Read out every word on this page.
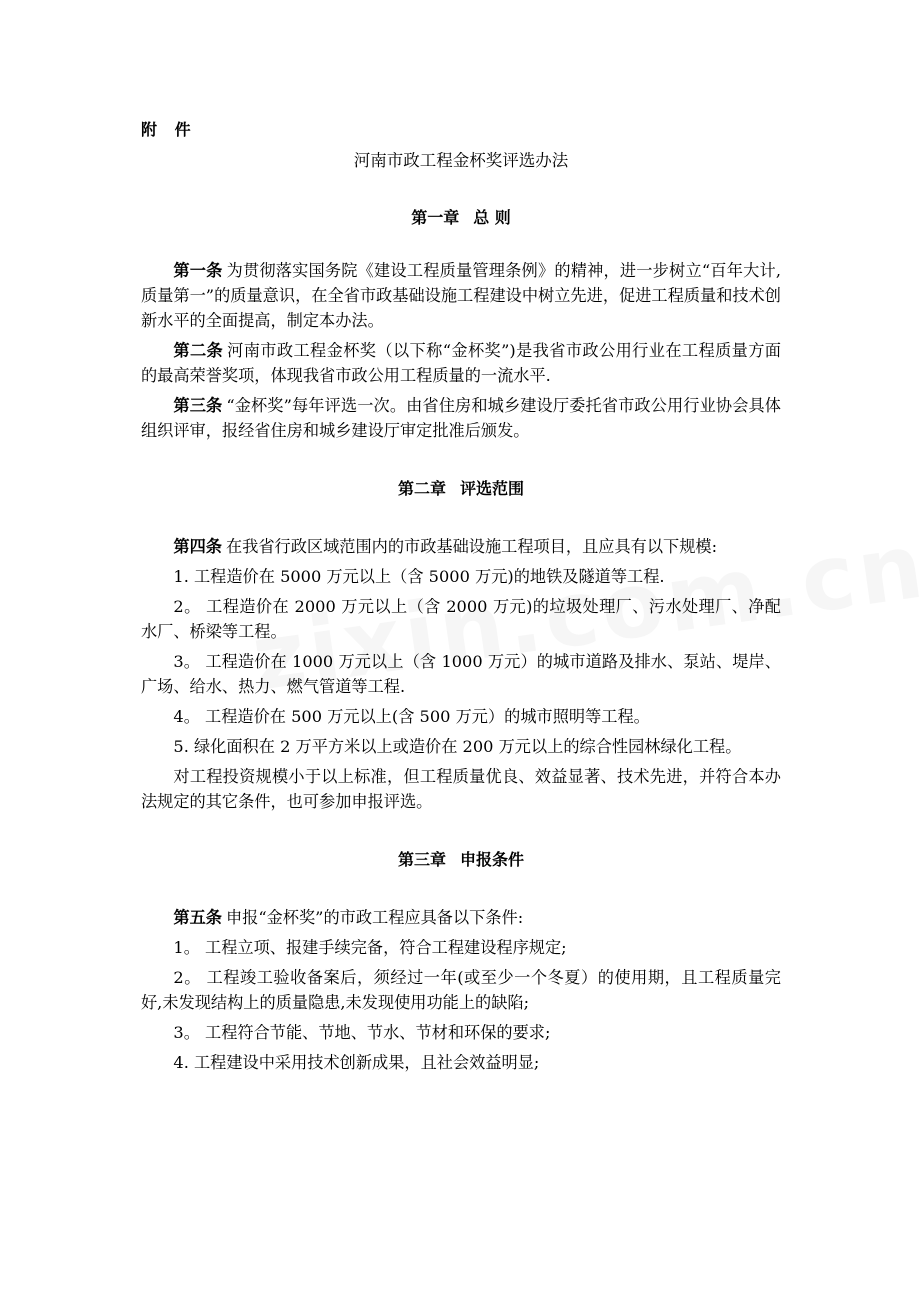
附 件
河南市政工程金杯奖评选办法
第一章 总 则

第一条 为贯彻落实国务院《建设工程质量管理条例》的精神，进一步树立“百年大计,质量第一”的质量意识，在全省市政基础设施工程建设中树立先进，促进工程质量和技术创新水平的全面提高，制定本办法。

第二条 河南市政工程金杯奖（以下称“金杯奖”)是我省市政公用行业在工程质量方面的最高荣誉奖项，体现我省市政公用工程质量的一流水平.

第三条 “金杯奖”每年评选一次。由省住房和城乡建设厅委托省市政公用行业协会具体组织评审，报经省住房和城乡建设厅审定批准后颁发。

第二章 评选范围

第四条 在我省行政区域范围内的市政基础设施工程项目，且应具有以下规模:

1. 工程造价在 5000 万元以上（含 5000 万元)的地铁及隧道等工程.

2。 工程造价在 2000 万元以上（含 2000 万元)的垃圾处理厂、污水处理厂、净配水厂、桥梁等工程。

3。 工程造价在 1000 万元以上（含 1000 万元）的城市道路及排水、泵站、堤岸、广场、给水、热力、燃气管道等工程.

4。 工程造价在 500 万元以上(含 500 万元）的城市照明等工程。

5. 绿化面积在 2 万平方米以上或造价在 200 万元以上的综合性园林绿化工程。

对工程投资规模小于以上标准，但工程质量优良、效益显著、技术先进，并符合本办法规定的其它条件，也可参加申报评选。

第三章 申报条件

第五条 申报“金杯奖”的市政工程应具备以下条件:

1。 工程立项、报建手续完备，符合工程建设程序规定;

2。 工程竣工验收备案后，须经过一年(或至少一个冬夏）的使用期，且工程质量完好,未发现结构上的质量隐患,未发现使用功能上的缺陷;

3。 工程符合节能、节地、节水、节材和环保的要求;

4. 工程建设中采用技术创新成果，且社会效益明显;
